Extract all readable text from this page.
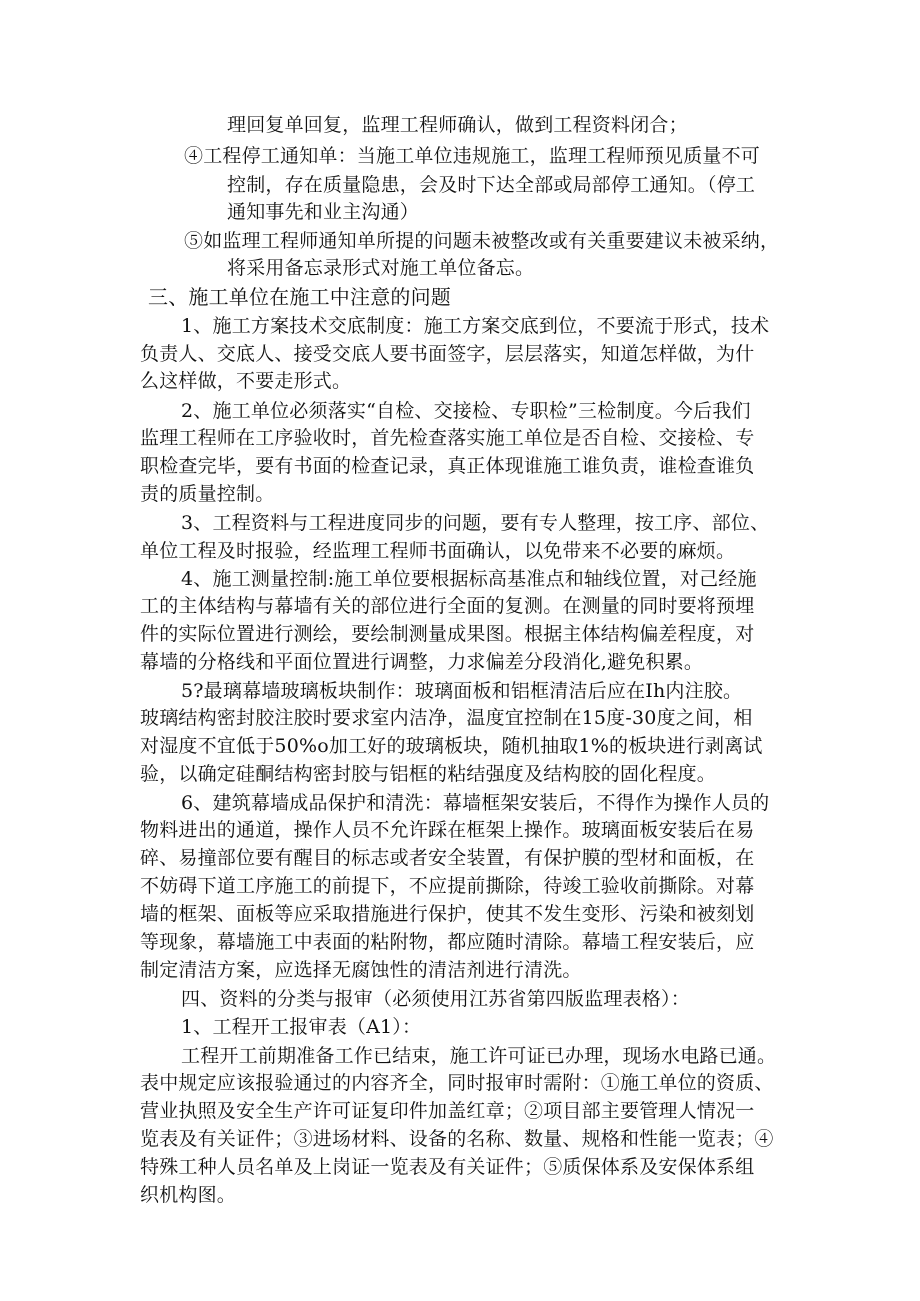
理回复单回复，监理工程师确认，做到工程资料闭合；
④工程停工通知单：当施工单位违规施工，监理工程师预见质量不可
控制，存在质量隐患，会及时下达全部或局部停工通知。（停工
通知事先和业主沟通）
⑤如监理工程师通知单所提的问题未被整改或有关重要建议未被采纳，
将采用备忘录形式对施工单位备忘。
三、施工单位在施工中注意的问题
1、施工方案技术交底制度：施工方案交底到位，不要流于形式，技术
负责人、交底人、接受交底人要书面签字，层层落实，知道怎样做，为什
么这样做，不要走形式。
2、施工单位必须落实“自检、交接检、专职检”三检制度。今后我们
监理工程师在工序验收时，首先检查落实施工单位是否自检、交接检、专
职检查完毕，要有书面的检查记录，真正体现谁施工谁负责，谁检查谁负
责的质量控制。
3、工程资料与工程进度同步的问题，要有专人整理，按工序、部位、
单位工程及时报验，经监理工程师书面确认，以免带来不必要的麻烦。
4、施工测量控制:施工单位要根据标高基准点和轴线位置，对己经施
工的主体结构与幕墙有关的部位进行全面的复测。在测量的同时要将预埋
件的实际位置进行测绘，要绘制测量成果图。根据主体结构偏差程度，对
幕墙的分格线和平面位置进行调整，力求偏差分段消化,避免积累。
5?最璃幕墙玻璃板块制作：玻璃面板和铝框清洁后应在Ih内注胶。
玻璃结构密封胶注胶时要求室内洁净，温度宜控制在15度-30度之间，相
对湿度不宜低于50%o加工好的玻璃板块，随机抽取1%的板块进行剥离试
验，以确定硅酮结构密封胶与铝框的粘结强度及结构胶的固化程度。
6、建筑幕墙成品保护和清洗：幕墙框架安装后，不得作为操作人员的
物料进出的通道，操作人员不允许踩在框架上操作。玻璃面板安装后在易
碎、易撞部位要有醒目的标志或者安全装置，有保护膜的型材和面板，在
不妨碍下道工序施工的前提下，不应提前撕除，待竣工验收前撕除。对幕
墙的框架、面板等应采取措施进行保护，使其不发生变形、污染和被刻划
等现象，幕墙施工中表面的粘附物，都应随时清除。幕墙工程安装后，应
制定清洁方案，应选择无腐蚀性的清洁剂进行清洗。
四、资料的分类与报审（必须使用江苏省第四版监理表格）：
1、工程开工报审表（A1）：
工程开工前期准备工作已结束，施工许可证已办理，现场水电路已通。
表中规定应该报验通过的内容齐全，同时报审时需附：①施工单位的资质、
营业执照及安全生产许可证复印件加盖红章；②项目部主要管理人情况一
览表及有关证件；③进场材料、设备的名称、数量、规格和性能一览表；④
特殊工种人员名单及上岗证一览表及有关证件；⑤质保体系及安保体系组
织机构图。
